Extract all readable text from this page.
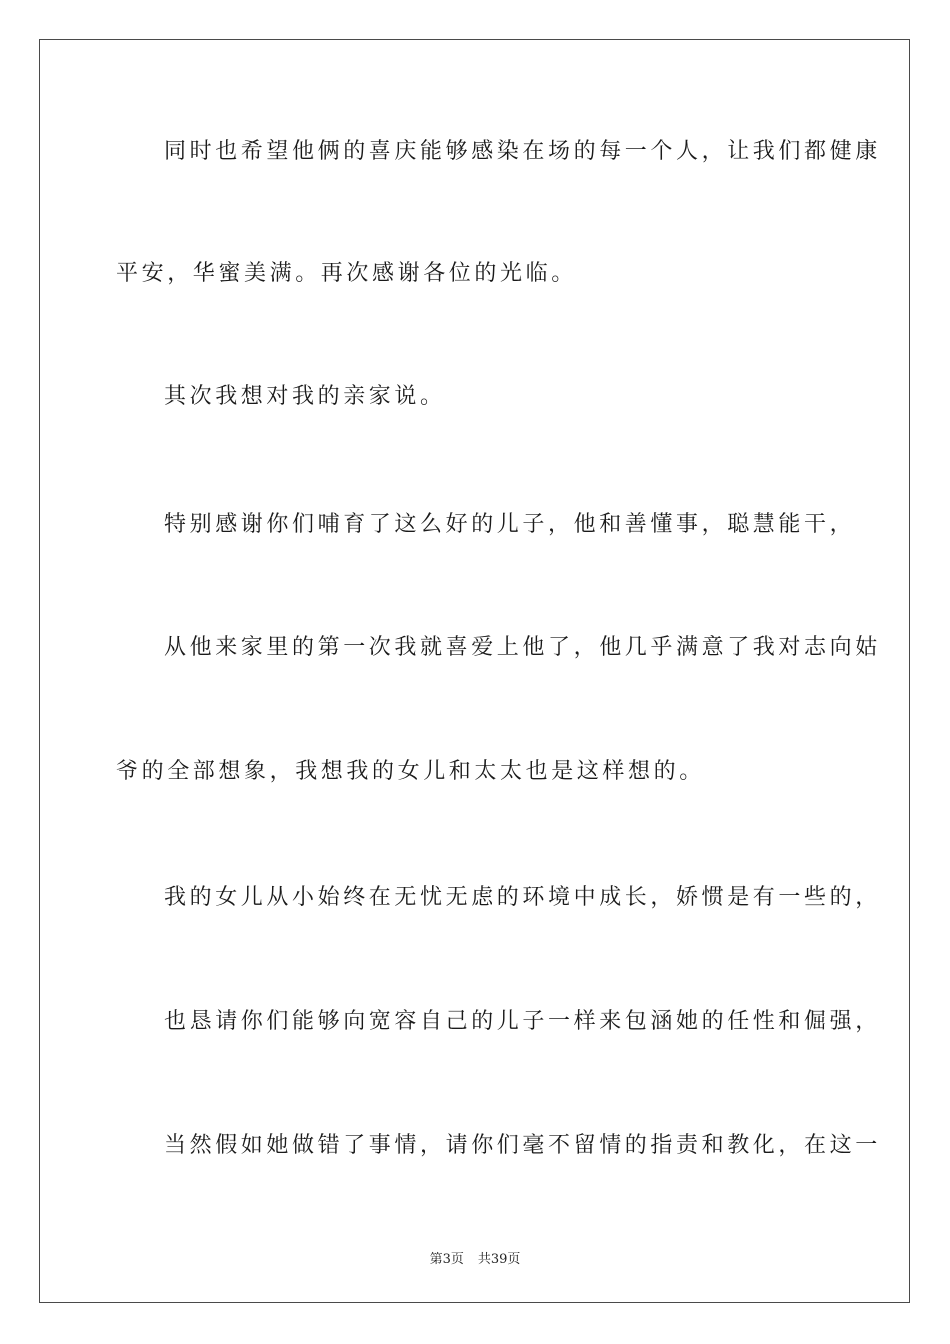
同时也希望他俩的喜庆能够感染在场的每一个人，让我们都健康
平安，华蜜美满。再次感谢各位的光临。
其次我想对我的亲家说。
特别感谢你们哺育了这么好的儿子，他和善懂事，聪慧能干，
从他来家里的第一次我就喜爱上他了，他几乎满意了我对志向姑
爷的全部想象，我想我的女儿和太太也是这样想的。
我的女儿从小始终在无忧无虑的环境中成长，娇惯是有一些的，
也恳请你们能够向宽容自己的儿子一样来包涵她的任性和倔强，
当然假如她做错了事情，请你们毫不留情的指责和教化，在这一
第3页 共39页
